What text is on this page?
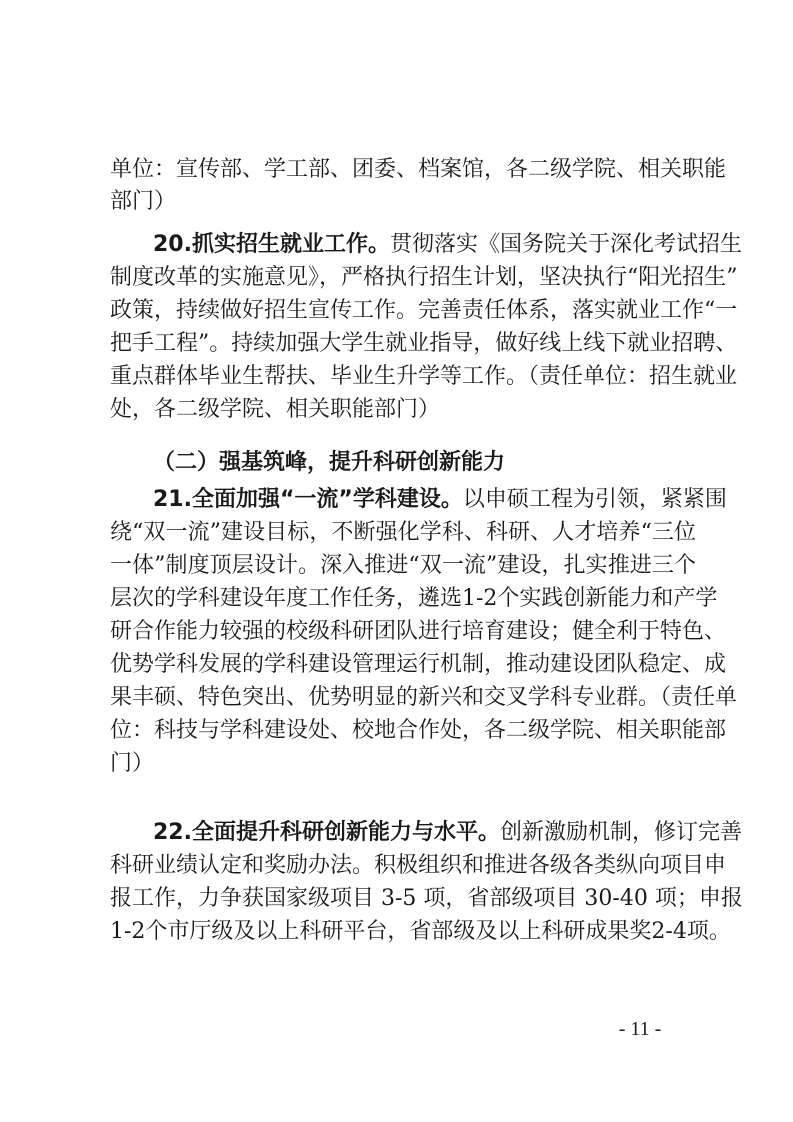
单位：宣传部、学工部、团委、档案馆，各二级学院、相关职能
部门）
20.抓实招生就业工作。贯彻落实《国务院关于深化考试招生
制度改革的实施意见》，严格执行招生计划，坚决执行“阳光招生”
政策，持续做好招生宣传工作。完善责任体系，落实就业工作“一
把手工程”。持续加强大学生就业指导，做好线上线下就业招聘、
重点群体毕业生帮扶、毕业生升学等工作。（责任单位：招生就业
处，各二级学院、相关职能部门）
（二）强基筑峰，提升科研创新能力
21.全面加强“一流”学科建设。以申硕工程为引领，紧紧围
绕“双一流”建设目标，不断强化学科、科研、人才培养“三位
一体”制度顶层设计。深入推进“双一流”建设，扎实推进三个
层次的学科建设年度工作任务，遴选1-2个实践创新能力和产学
研合作能力较强的校级科研团队进行培育建设；健全利于特色、
优势学科发展的学科建设管理运行机制，推动建设团队稳定、成
果丰硕、特色突出、优势明显的新兴和交叉学科专业群。（责任单
位：科技与学科建设处、校地合作处，各二级学院、相关职能部
门）
22.全面提升科研创新能力与水平。创新激励机制，修订完善
科研业绩认定和奖励办法。积极组织和推进各级各类纵向项目申
报工作，力争获国家级项目 3-5 项，省部级项目 30-40 项；申报
1-2个市厅级及以上科研平台，省部级及以上科研成果奖2-4项。
- 11 -
